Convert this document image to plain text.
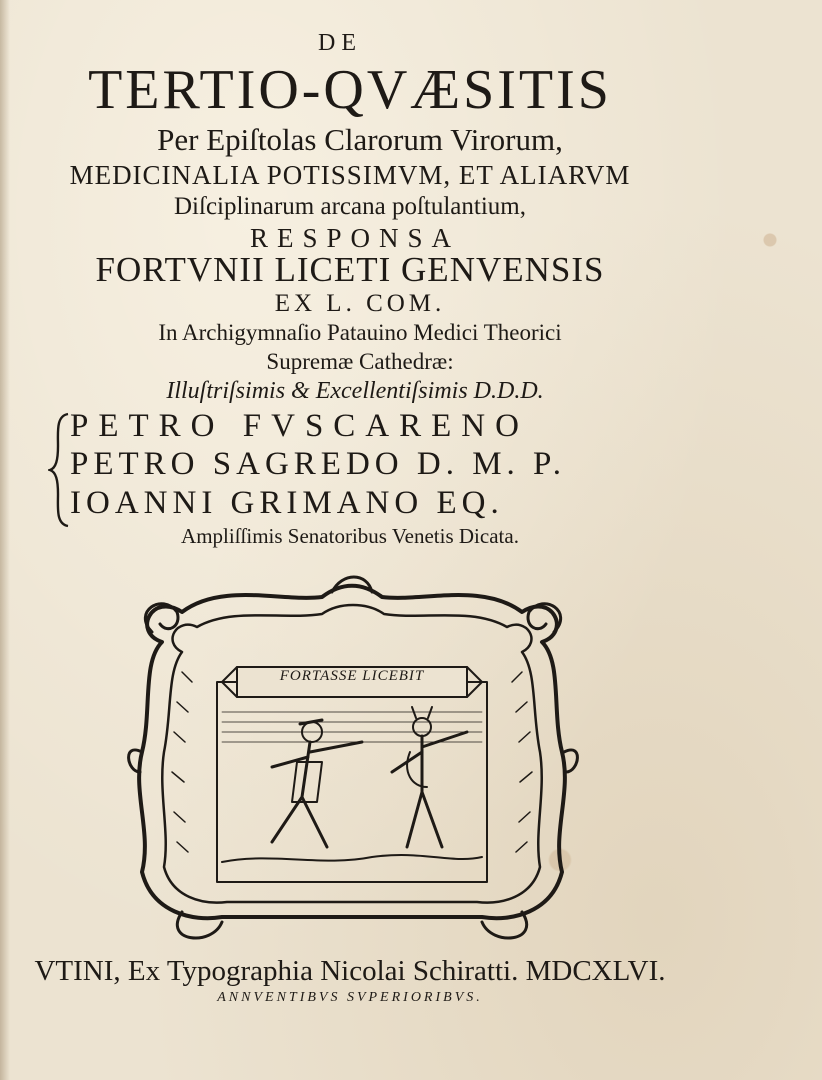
DE
TERTIO-QVÆSITIS
Per Epiſtolas Clarorum Virorum,
MEDICINALIA POTISSIMVM, ET ALIARVM
Diſciplinarum arcana poſtulantium,
RESPONSA
FORTVNII LICETI GENVENSIS
EX L. COM.
In Archigymnaſio Patauino Medici Theorici
Supremæ Cathedræ:
Illuſtriſsimis & Excellentiſsimis D.D.D.
PETRO FVSCARENO
PETRO SAGREDO D. M. P.
IOANNI GRIMANO EQ.
Ampliſſimis Senatoribus Venetis Dicata.
FORTASSE LICEBIT
VTINI, Ex Typographia Nicolai Schiratti. MDCXLVI.
ANNVENTIBVS SVPERIORIBVS.
